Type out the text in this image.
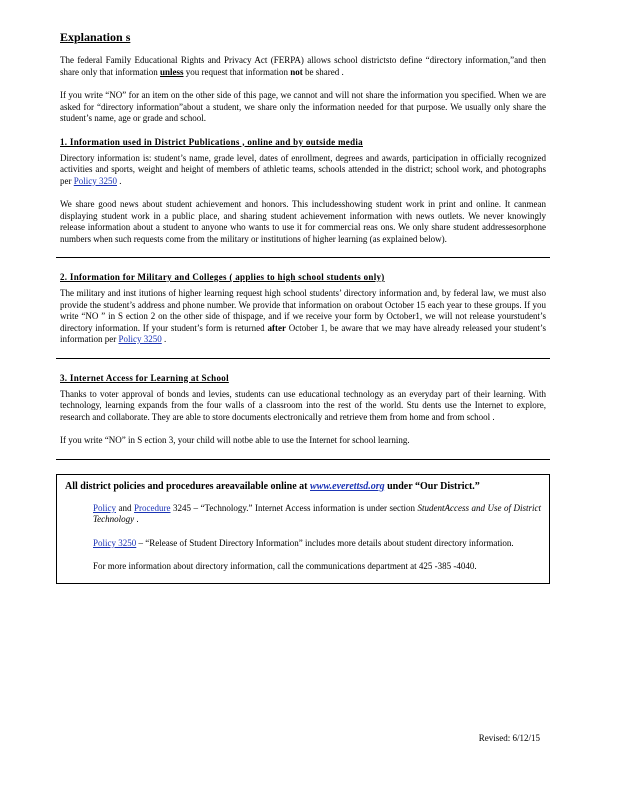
Explanation s

The federal Family Educational Rights and Privacy Act (FERPA) allows school districtsto define “directory information,”and then share only that information unless you request that information not be shared .

If you write “NO” for an item on the other side of this page, we cannot and will not share the information you specified. When we are asked for “directory information”about a student, we share only the information needed for that purpose. We usually only share the student’s name, age or grade and school.

1. Information used in District Publications , online and by outside media

Directory information is: student’s name, grade level, dates of enrollment, degrees and awards, participation in officially recognized activities and sports, weight and height of members of athletic teams, schools attended in the district; school work, and photographs per Policy 3250 .

We share good news about student achievement and honors. This includesshowing student work in print and online. It canmean displaying student work in a public place, and sharing student achievement information with news outlets. We never knowingly release information about a student to anyone who wants to use it for commercial reas ons. We only share student addressesorphone numbers when such requests come from the military or institutions of higher learning (as explained below).

2. Information for Military and Colleges ( applies to high school students only)

The military and inst itutions of higher learning request high school students’ directory information and, by federal law, we must also provide the student’s address and phone number. We provide that information on orabout October 15 each year to these groups. If you write “NO ” in S ection 2 on the other side of thispage, and if we receive your form by October1, we will not release yourstudent’s directory information. If your student’s form is returned after October 1, be aware that we may have already released your student’s information per Policy 3250 .

3. Internet Access for Learning at School

Thanks to voter approval of bonds and levies, students can use educational technology as an everyday part of their learning. With technology, learning expands from the four walls of a classroom into the rest of the world. Stu dents use the Internet to explore, research and collaborate. They are able to store documents electronically and retrieve them from home and from school .

If you write “NO” in S ection 3, your child will notbe able to use the Internet for school learning.

All district policies and procedures areavailable online at www.everettsd.org under “Our District.”
Policy and Procedure 3245 – “Technology.” Internet Access information is under section StudentAccess and Use of District Technology .
Policy 3250 – “Release of Student Directory Information” includes more details about student directory information.
For more information about directory information, call the communications department at 425 -385 -4040.
Revised: 6/12/15
